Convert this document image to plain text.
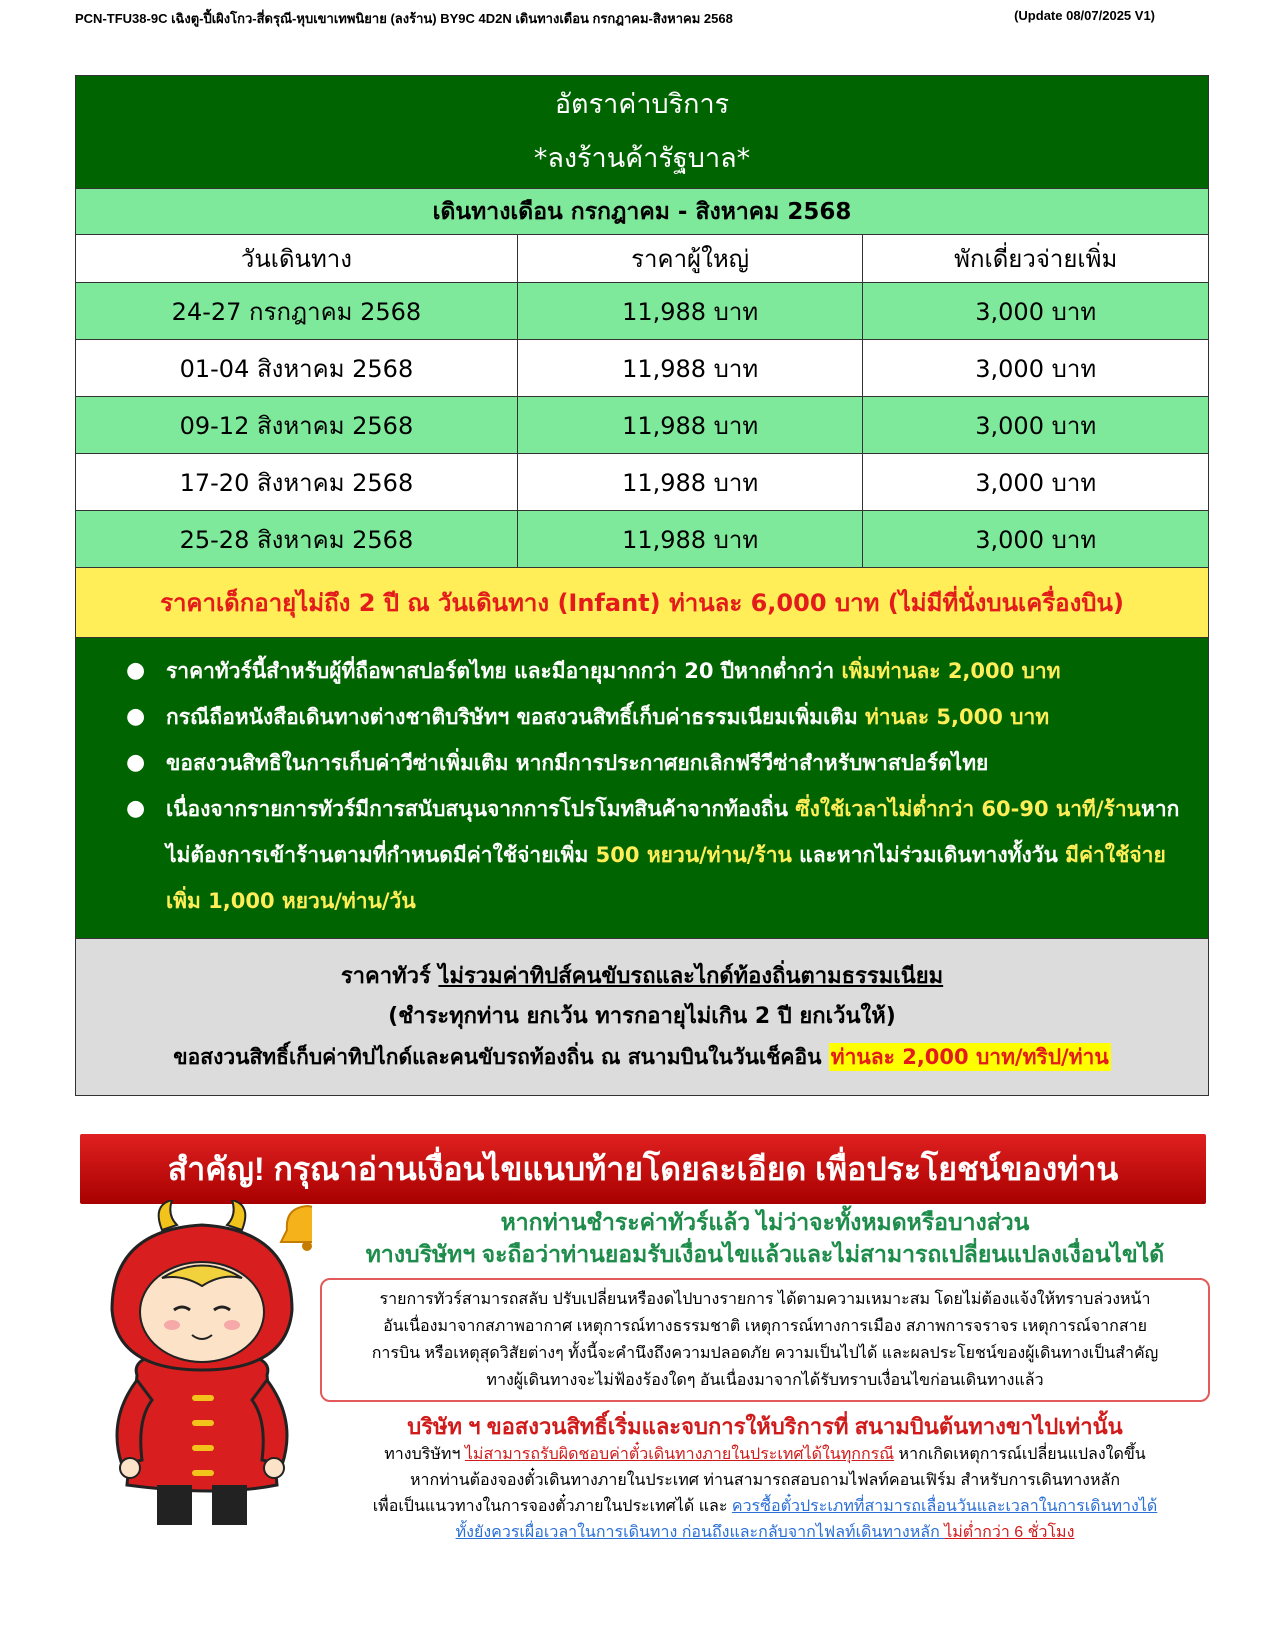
PCN-TFU38-9C เฉิงตู-ปี้เผิงโกว-สี่ดรุณี-หุบเขาเทพนิยาย (ลงร้าน) BY9C 4D2N เดินทางเดือน กรกฎาคม-สิงหาคม 2568	(Update 08/07/2025 V1)
อัตราค่าบริการ
*ลงร้านค้ารัฐบาล*		

เดินทางเดือน กรกฎาคม - สิงหาคม 2568		
วันเดินทาง	ราคาผู้ใหญ่	พักเดี่ยวจ่ายเพิ่ม
24-27 กรกฎาคม 2568	11,988 บาท	3,000 บาท
01-04 สิงหาคม 2568	11,988 บาท	3,000 บาท
09-12 สิงหาคม 2568	11,988 บาท	3,000 บาท
17-20 สิงหาคม 2568	11,988 บาท	3,000 บาท
25-28 สิงหาคม 2568	11,988 บาท	3,000 บาท
ราคาเด็กอายุไม่ถึง 2 ปี ณ วันเดินทาง (Infant) ท่านละ 6,000 บาท (ไม่มีที่นั่งบนเครื่องบิน)		
● ราคาทัวร์นี้สำหรับผู้ที่ถือพาสปอร์ตไทย และมีอายุมากกว่า 20 ปีหากต่ำกว่า เพิ่มท่านละ 2,000 บาท
● กรณีถือหนังสือเดินทางต่างชาติบริษัทฯ ขอสงวนสิทธิ์เก็บค่าธรรมเนียมเพิ่มเติม ท่านละ 5,000 บาท
● ขอสงวนสิทธิในการเก็บค่าวีซ่าเพิ่มเติม หากมีการประกาศยกเลิกฟรีวีซ่าสำหรับพาสปอร์ตไทย
● เนื่องจากรายการทัวร์มีการสนับสนุนจากการโปรโมทสินค้าจากท้องถิ่น ซึ่งใช้เวลาไม่ต่ำกว่า 60-90 นาที/ร้านหากไม่ต้องการเข้าร้านตามที่กำหนดมีค่าใช้จ่ายเพิ่ม 500 หยวน/ท่าน/ร้าน และหากไม่ร่วมเดินทางทั้งวัน มีค่าใช้จ่ายเพิ่ม 1,000 หยวน/ท่าน/วัน
ราคาทัวร์ ไม่รวมค่าทิปส์คนขับรถและไกด์ท้องถิ่นตามธรรมเนียม
(ชำระทุกท่าน ยกเว้น ทารกอายุไม่เกิน 2 ปี ยกเว้นให้)
ขอสงวนสิทธิ์เก็บค่าทิปไกด์และคนขับรถท้องถิ่น ณ สนามบินในวันเช็คอิน ท่านละ 2,000 บาท/ทริป/ท่าน
สำคัญ! กรุณาอ่านเงื่อนไขแนบท้ายโดยละเอียด เพื่อประโยชน์ของท่าน
หากท่านชำระค่าทัวร์แล้ว ไม่ว่าจะทั้งหมดหรือบางส่วน
ทางบริษัทฯ จะถือว่าท่านยอมรับเงื่อนไขแล้วและไม่สามารถเปลี่ยนแปลงเงื่อนไขได้
รายการทัวร์สามารถสลับ ปรับเปลี่ยนหรืองดไปบางรายการ ได้ตามความเหมาะสม โดยไม่ต้องแจ้งให้ทราบล่วงหน้า
อันเนื่องมาจากสภาพอากาศ เหตุการณ์ทางธรรมชาติ เหตุการณ์ทางการเมือง สภาพการจราจร เหตุการณ์จากสาย
การบิน หรือเหตุสุดวิสัยต่างๆ ทั้งนี้จะคำนึงถึงความปลอดภัย ความเป็นไปได้ และผลประโยชน์ของผู้เดินทางเป็นสำคัญ
ทางผู้เดินทางจะไม่ฟ้องร้องใดๆ อันเนื่องมาจากได้รับทราบเงื่อนไขก่อนเดินทางแล้ว
บริษัท ฯ ขอสงวนสิทธิ์เริ่มและจบการให้บริการที่ สนามบินต้นทางขาไปเท่านั้น
ทางบริษัทฯ ไม่สามารถรับผิดชอบค่าตั๋วเดินทางภายในประเทศได้ในทุกกรณี หากเกิดเหตุการณ์เปลี่ยนแปลงใดขึ้น
หากท่านต้องจองตั๋วเดินทางภายในประเทศ ท่านสามารถสอบถามไฟลท์คอนเฟิร์ม สำหรับการเดินทางหลัก
เพื่อเป็นแนวทางในการจองตั๋วภายในประเทศได้ และ ควรซื้อตั๋วประเภทที่สามารถเลื่อนวันและเวลาในการเดินทางได้
ทั้งยังควรเผื่อเวลาในการเดินทาง ก่อนถึงและกลับจากไฟลท์เดินทางหลัก ไม่ต่ำกว่า 6 ชั่วโมง
